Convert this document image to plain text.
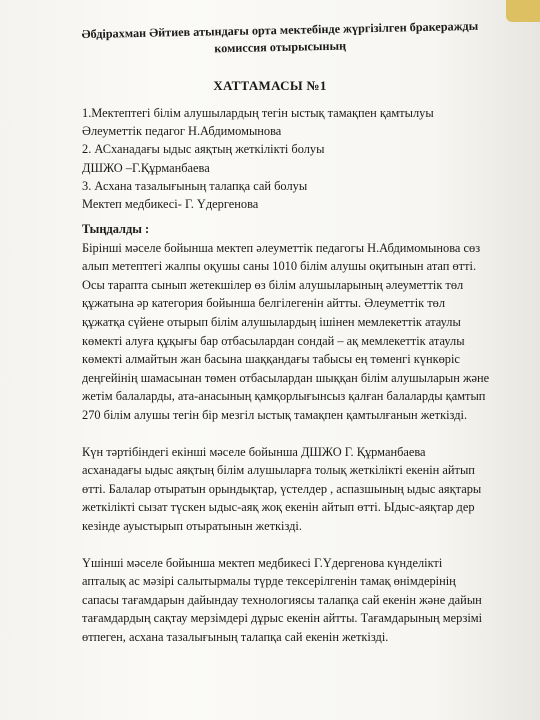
Әбдірахман Әйтиев атындағы орта мектебінде жүргізілген бракеражды
комиссия отырысының
ХАТТАМАСЫ №1
1.Мектептегі білім алушылардың тегін ыстық тамақпен қамтылуы
Әлеуметтік педагог Н.Абдимомынова
2. АСханадағы ыдыс аяқтың жеткілікті болуы
ДШЖО –Г.Құрманбаева
3. Асхана тазалығының талапқа сай болуы
Мектеп медбикесі- Г. Үдергенова
Тыңдалды :
Бірінші мәселе бойынша мектеп әлеуметтік педагогы Н.Абдимомынова сөз
алып метептегі жалпы оқушы саны 1010 білім алушы оқитынын атап өтті.
Осы тарапта сынып жетекшілер өз білім алушыларының әлеуметтік төл
құжатына әр категория бойынша белгілегенін айтты. Әлеуметтік төл
құжатқа сүйене отырып білім алушылардың ішінен мемлекеттік атаулы
көмекті алуға құқығы бар отбасылардан сондай – ақ мемлекеттік атаулы
көмекті алмайтын жан басына шаққандағы табысы ең төменгі күнкөріс
деңгейінің шамасынан төмен отбасылардан шыққан білім алушыларын және
жетім балаларды, ата-анасының қамқорлығынсыз қалған балаларды қамтып
270 білім алушы тегін бір мезгіл ыстық тамақпен қамтылғанын жеткізді.
Күн тәртібіндегі екінші мәселе бойынша ДШЖО Г. Құрманбаева
асханадағы ыдыс аяқтың білім алушыларға толық жеткілікті екенін айтып
өтті. Балалар отыратын орындықтар, үстелдер , аспазшының ыдыс аяқтары
жеткілікті сызат түскен ыдыс-аяқ жоқ екенін айтып өтті. Ыдыс-аяқтар дер
кезінде ауыстырып отыратынын жеткізді.
Үшінші мәселе бойынша мектеп медбикесі Г.Үдергенова күнделікті
апталық ас мәзірі салытырмалы түрде тексерілгенін тамақ өнімдерінің
сапасы тағамдарын дайындау технологиясы талапқа сай екенін және дайын
тағамдардың сақтау мерзімдері дұрыс екенін айтты. Тағамдарының мерзімі
өтпеген, асхана тазалығының талапқа сай екенін жеткізді.
